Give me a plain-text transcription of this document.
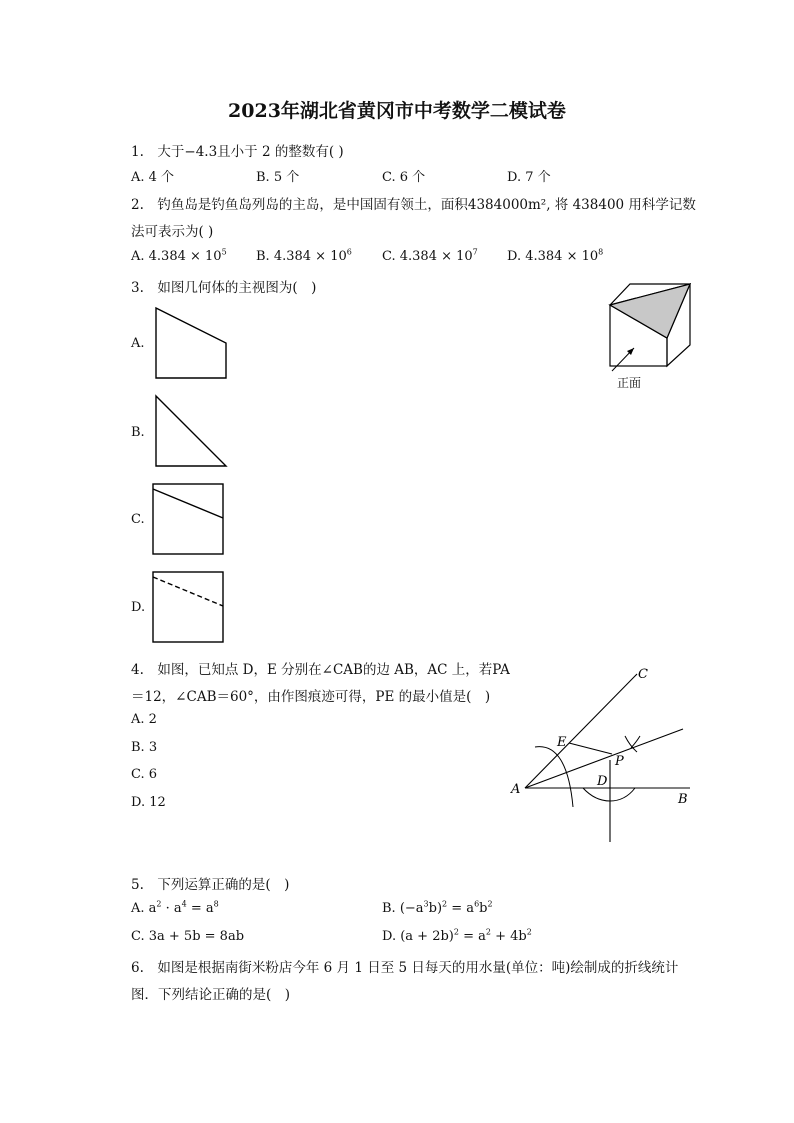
2023年湖北省黄冈市中考数学二模试卷
1.　大于−4.3且小于 2 的整数有( )
A. 4 个	B. 5 个	C. 6 个	D. 7 个
2.　钓鱼岛是钓鱼岛列岛的主岛，是中国固有领土，面积4384000m², 将 438400 用科学记数
法可表示为( )
A. $4.384 \times 10^5$ B. $4.384 \times 10^6$ C. $4.384 \times 10^7$ D. $4.384 \times 10^8$
3.　如图几何体的主视图为(　)
正面
A.
B.
C.
D.
4.　如图，已知点 D，E 分别在∠CAB的边 AB，AC 上，若PA
＝12，∠CAB＝60°，由作图痕迹可得，PE 的最小值是(　)
A. 2
B. 3
C. 6
D. 12
A
B
C
D
E
P
5.　下列运算正确的是(　)
A. $a^2 \cdot a^4 = a^8$	B. $(-a^3b)^2 = a^6b^2$
C. 3a + 5b = 8ab	D. $(a + 2b)^2 = a^2 + 4b^2$
6.　如图是根据南街米粉店今年 6 月 1 日至 5 日每天的用水量(单位：吨)绘制成的折线统计
图．下列结论正确的是(　)
